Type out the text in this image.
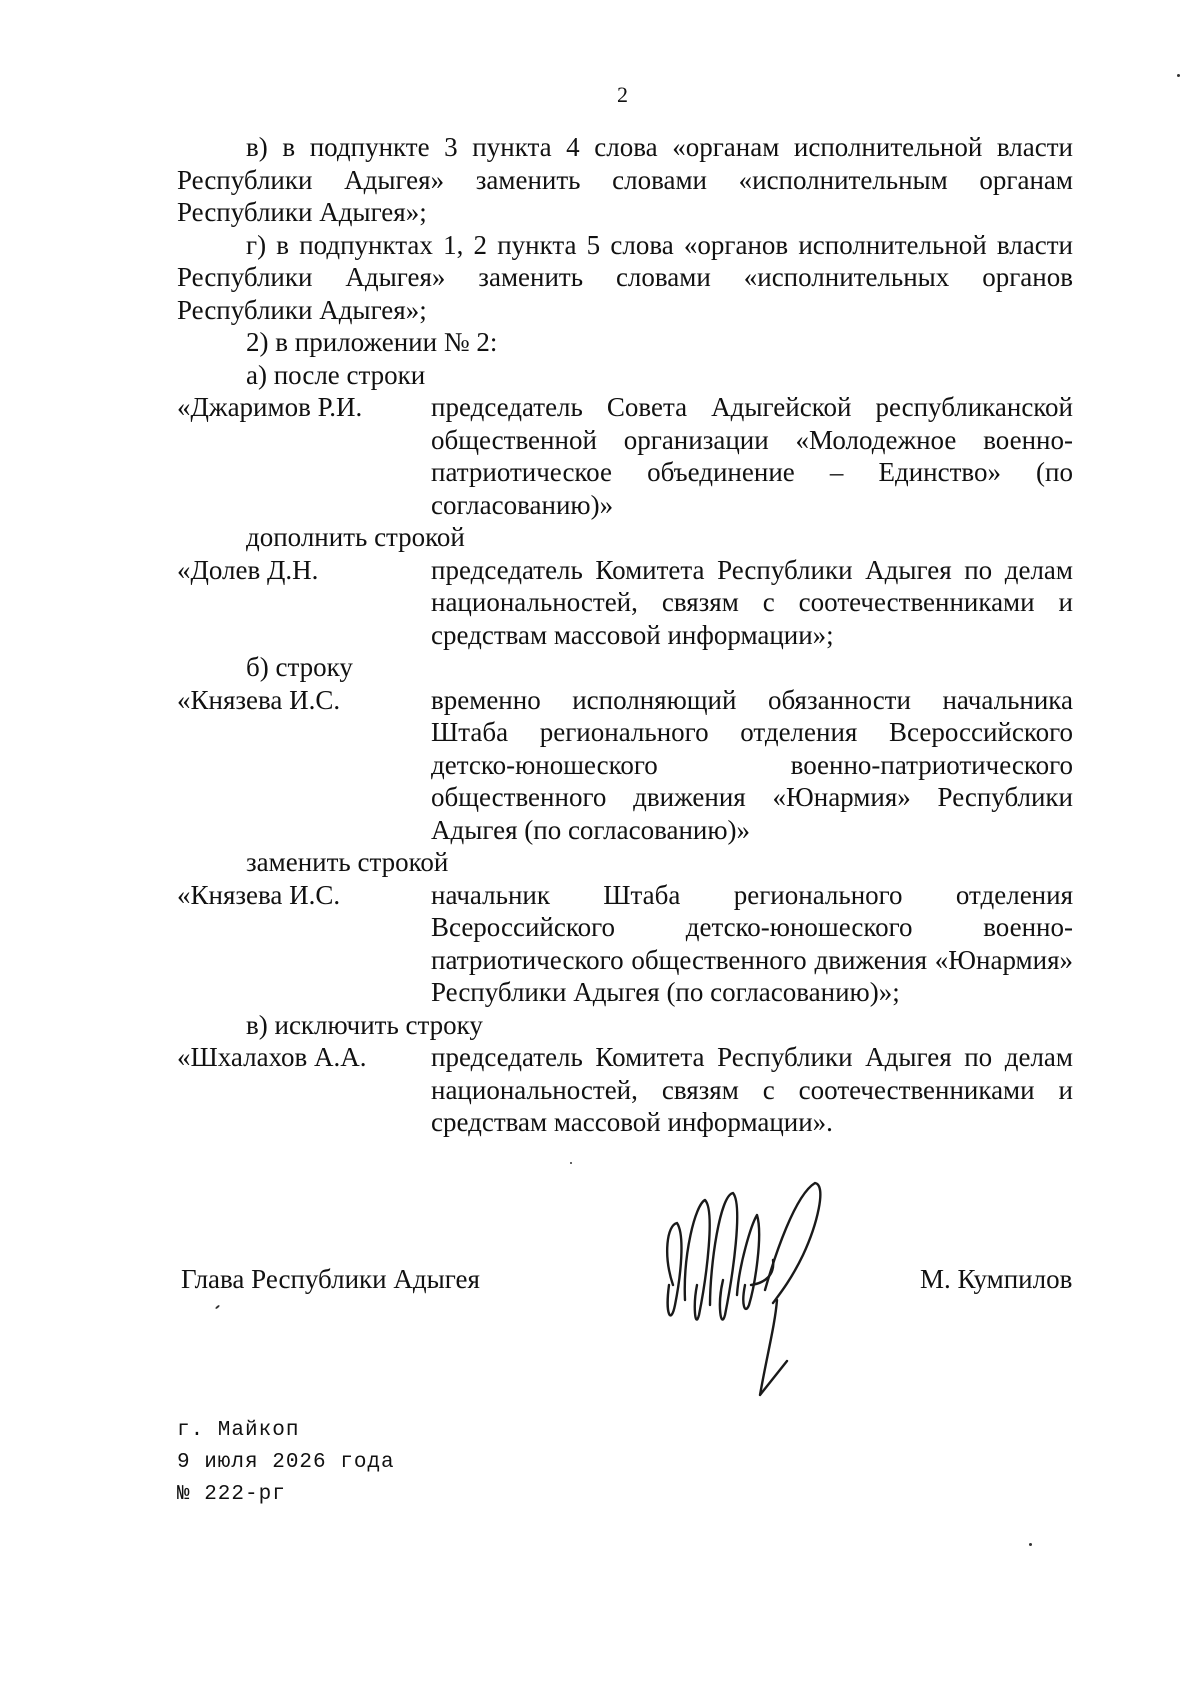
2

в) в подпункте 3 пункта 4 слова «органам исполнительной власти Республики Адыгея» заменить словами «исполнительным органам Республики Адыгея»;

г) в подпунктах 1, 2 пункта 5 слова «органов исполнительной власти Республики Адыгея» заменить словами «исполнительных органов Республики Адыгея»;

2) в приложении № 2:

а) после строки

«Джаримов Р.И.	председатель Совета Адыгейской республиканской общественной организации «Молодежное военно-патриотическое объединение – Единство» (по согласованию)»

дополнить строкой

«Долев Д.Н.	председатель Комитета Республики Адыгея по делам национальностей, связям с соотечественниками и средствам массовой информации»;

б) строку

«Князева И.С.	временно исполняющий обязанности начальника Штаба регионального отделения Всероссийского детско-юношеского военно-патриотического общественного движения «Юнармия» Республики Адыгея (по согласованию)»

заменить строкой

«Князева И.С.	начальник Штаба регионального отделения Всероссийского детско-юношеского военно-патриотического общественного движения «Юнармия» Республики Адыгея (по согласованию)»;

в) исключить строку

«Шхалахов А.А.	председатель Комитета Республики Адыгея по делам национальностей, связям с соотечественниками и средствам массовой информации».
Глава Республики Адыгея	М. Кумпилов
г. Майкоп
9 июля 2026 года
№ 222-рг
